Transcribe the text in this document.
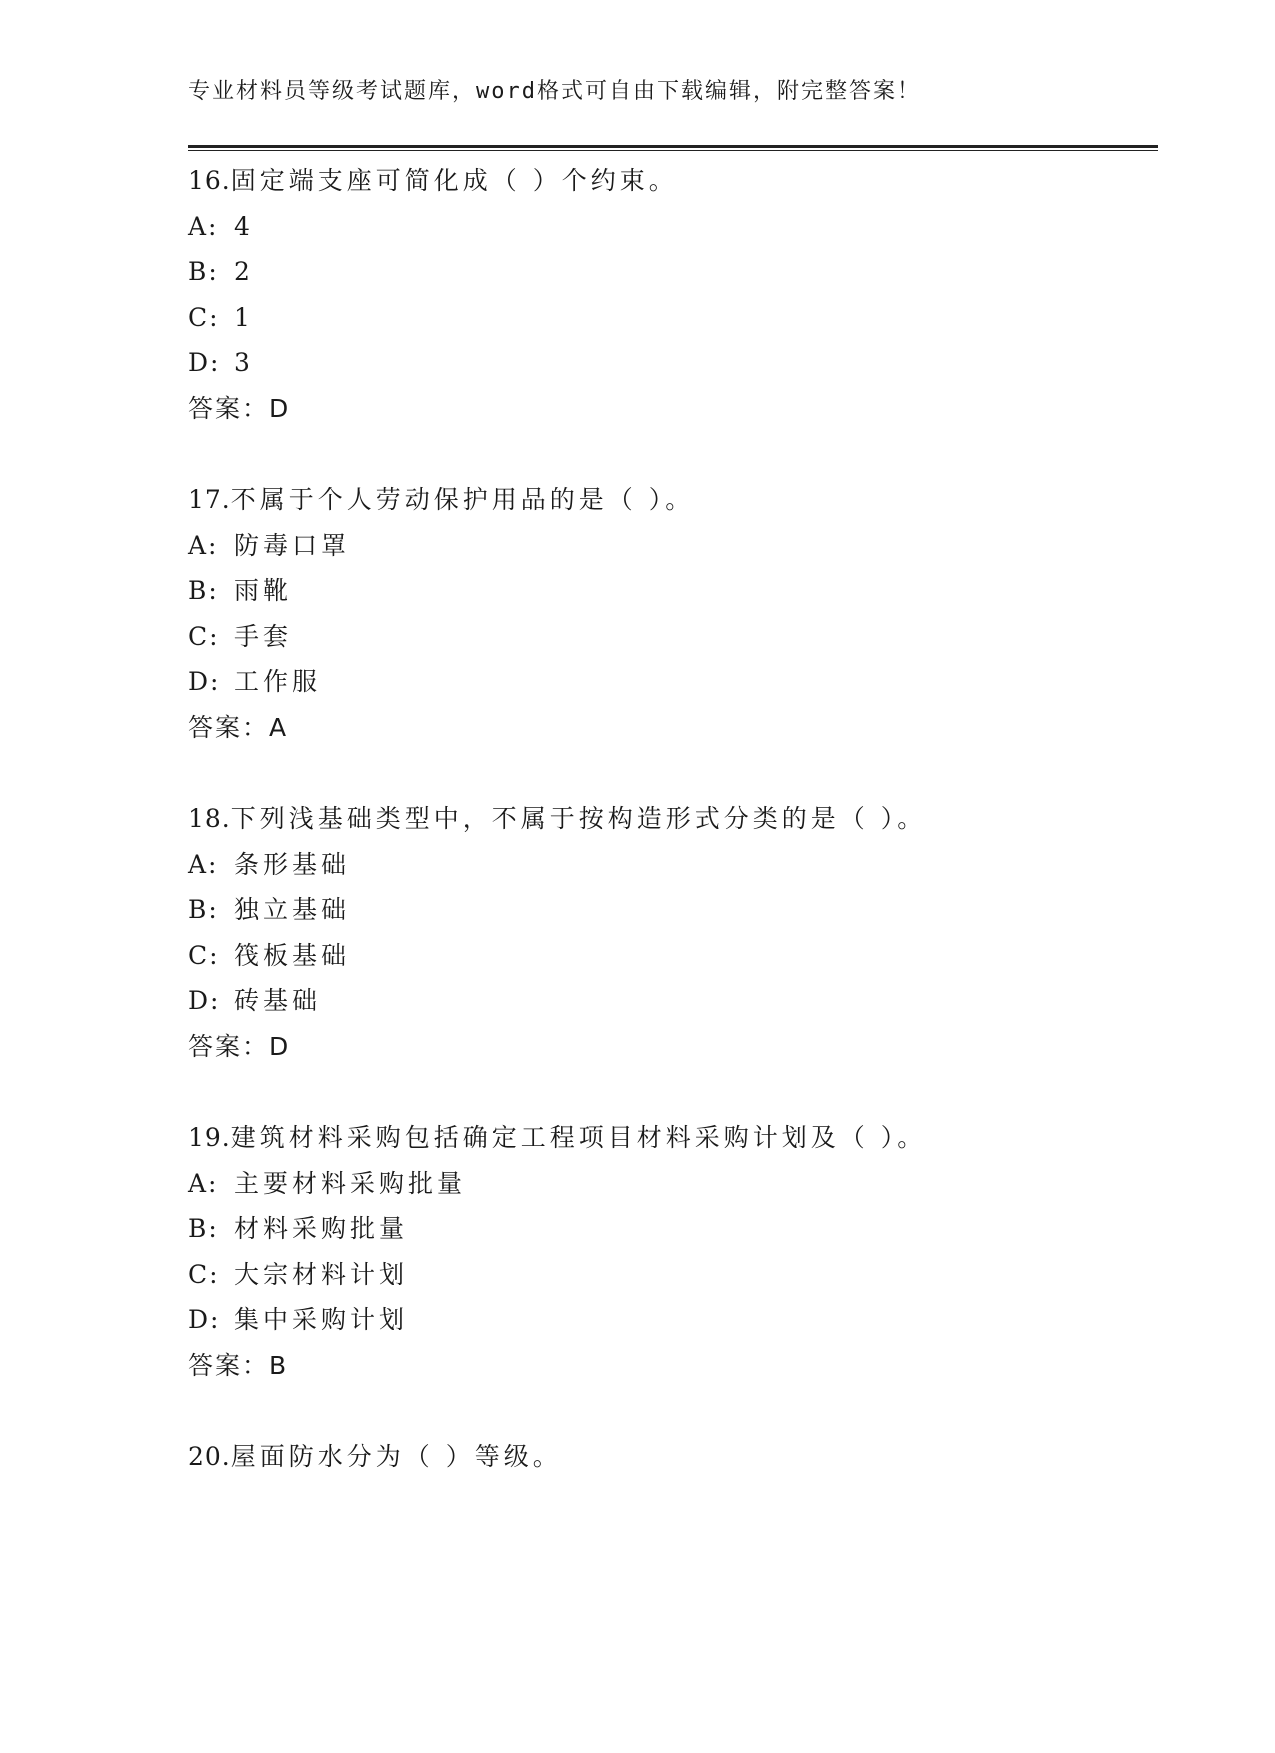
专业材料员等级考试题库，word格式可自由下载编辑，附完整答案！
16.固定端支座可简化成（ ）个约束。
A: 4
B: 2
C: 1
D: 3
答案：D
17.不属于个人劳动保护用品的是（ ）。
A: 防毒口罩
B: 雨靴
C: 手套
D: 工作服
答案：A
18.下列浅基础类型中，不属于按构造形式分类的是（ ）。
A: 条形基础
B: 独立基础
C: 筏板基础
D: 砖基础
答案：D
19.建筑材料采购包括确定工程项目材料采购计划及（ ）。
A: 主要材料采购批量
B: 材料采购批量
C: 大宗材料计划
D: 集中采购计划
答案：B
20.屋面防水分为（ ）等级。
